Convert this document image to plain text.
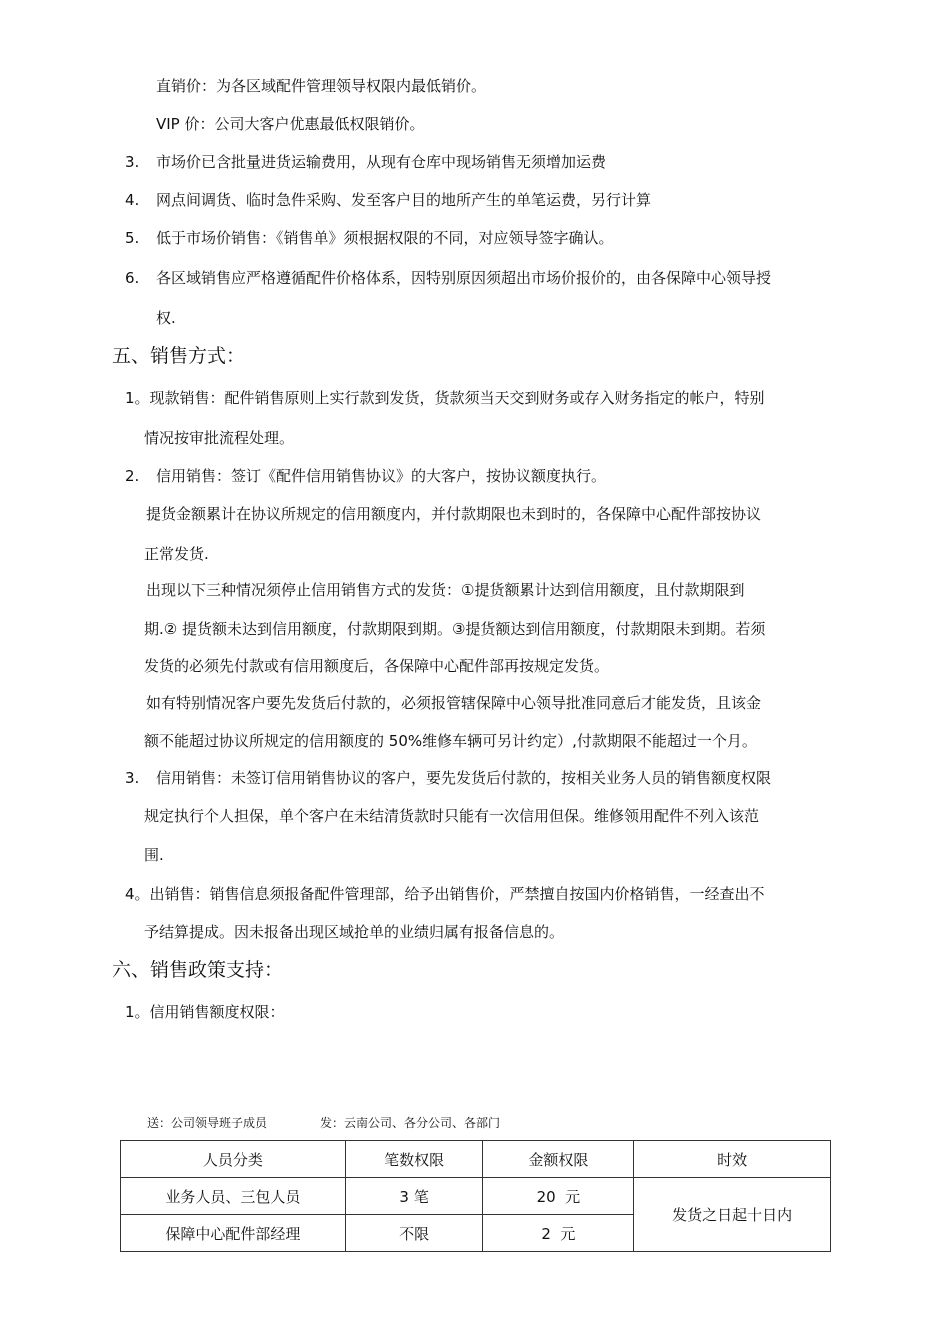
直销价：为各区域配件管理领导权限内最低销价。
VIP 价：公司大客户优惠最低权限销价。
3. 市场价已含批量进货运输费用，从现有仓库中现场销售无须增加运费
4. 网点间调货、临时急件采购、发至客户目的地所产生的单笔运费，另行计算
5. 低于市场价销售：《销售单》须根据权限的不同，对应领导签字确认。
6. 各区域销售应严格遵循配件价格体系，因特别原因须超出市场价报价的，由各保障中心领导授
权.
五、销售方式：
1。现款销售：配件销售原则上实行款到发货，货款须当天交到财务或存入财务指定的帐户，特别
情况按审批流程处理。
2. 信用销售：签订《配件信用销售协议》的大客户，按协议额度执行。
提货金额累计在协议所规定的信用额度内，并付款期限也未到时的，各保障中心配件部按协议
正常发货.
出现以下三种情况须停止信用销售方式的发货：①提货额累计达到信用额度，且付款期限到
期.② 提货额未达到信用额度，付款期限到期。③提货额达到信用额度，付款期限未到期。若须
发货的必须先付款或有信用额度后，各保障中心配件部再按规定发货。
如有特别情况客户要先发货后付款的，必须报管辖保障中心领导批准同意后才能发货，且该金
额不能超过协议所规定的信用额度的 50%维修车辆可另计约定）,付款期限不能超过一个月。
3. 信用销售：未签订信用销售协议的客户，要先发货后付款的，按相关业务人员的销售额度权限
规定执行个人担保，单个客户在未结清货款时只能有一次信用但保。维修领用配件不列入该范
围.
4。出销售：销售信息须报备配件管理部，给予出销售价，严禁擅自按国内价格销售，一经查出不
予结算提成。因未报备出现区域抢单的业绩归属有报备信息的。
六、销售政策支持：
1。信用销售额度权限：
送：公司领导班子成员	发：云南公司、各分公司、各部门
人员分类	笔数权限	金额权限	时效
业务人员、三包人员	3 笔	20  元	发货之日起十日内
保障中心配件部经理	不限	2  元	
